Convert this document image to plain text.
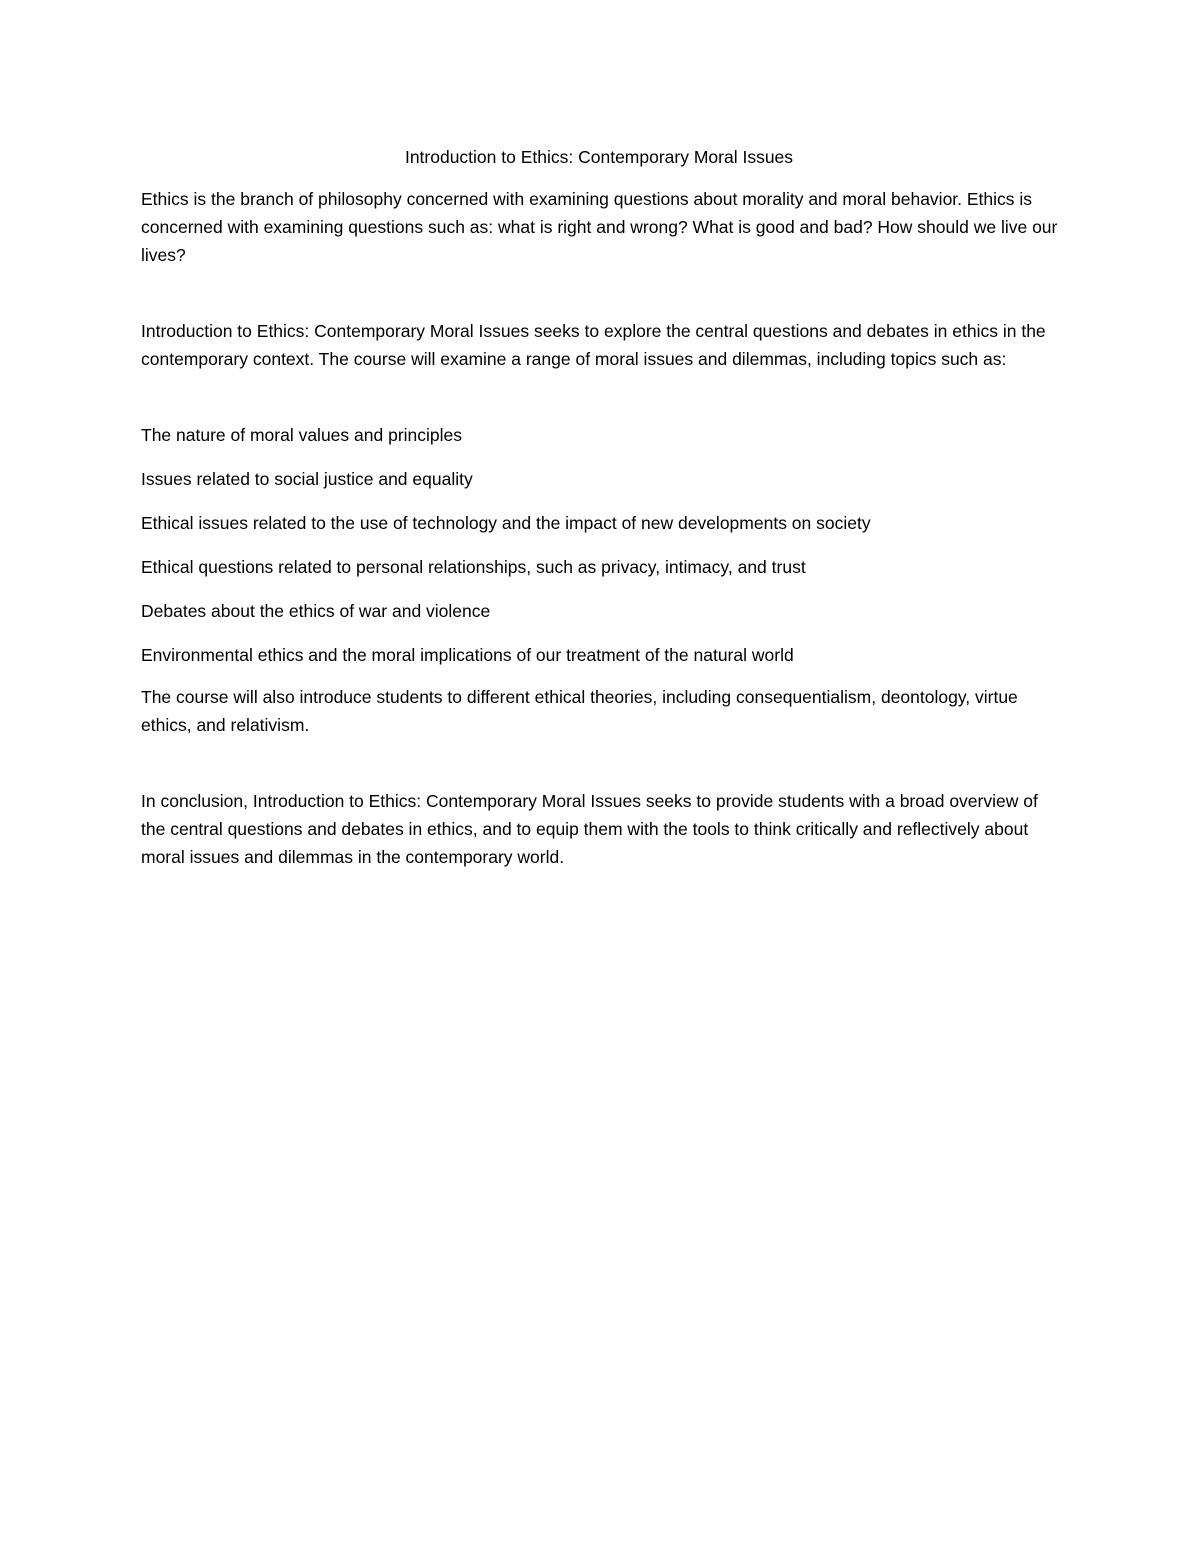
Introduction to Ethics: Contemporary Moral Issues

Ethics is the branch of philosophy concerned with examining questions about morality and moral behavior. Ethics is concerned with examining questions such as: what is right and wrong? What is good and bad? How should we live our lives?

Introduction to Ethics: Contemporary Moral Issues seeks to explore the central questions and debates in ethics in the contemporary context. The course will examine a range of moral issues and dilemmas, including topics such as:

The nature of moral values and principles
Issues related to social justice and equality
Ethical issues related to the use of technology and the impact of new developments on society
Ethical questions related to personal relationships, such as privacy, intimacy, and trust
Debates about the ethics of war and violence
Environmental ethics and the moral implications of our treatment of the natural world

The course will also introduce students to different ethical theories, including consequentialism, deontology, virtue ethics, and relativism.

In conclusion, Introduction to Ethics: Contemporary Moral Issues seeks to provide students with a broad overview of the central questions and debates in ethics, and to equip them with the tools to think critically and reflectively about moral issues and dilemmas in the contemporary world.
